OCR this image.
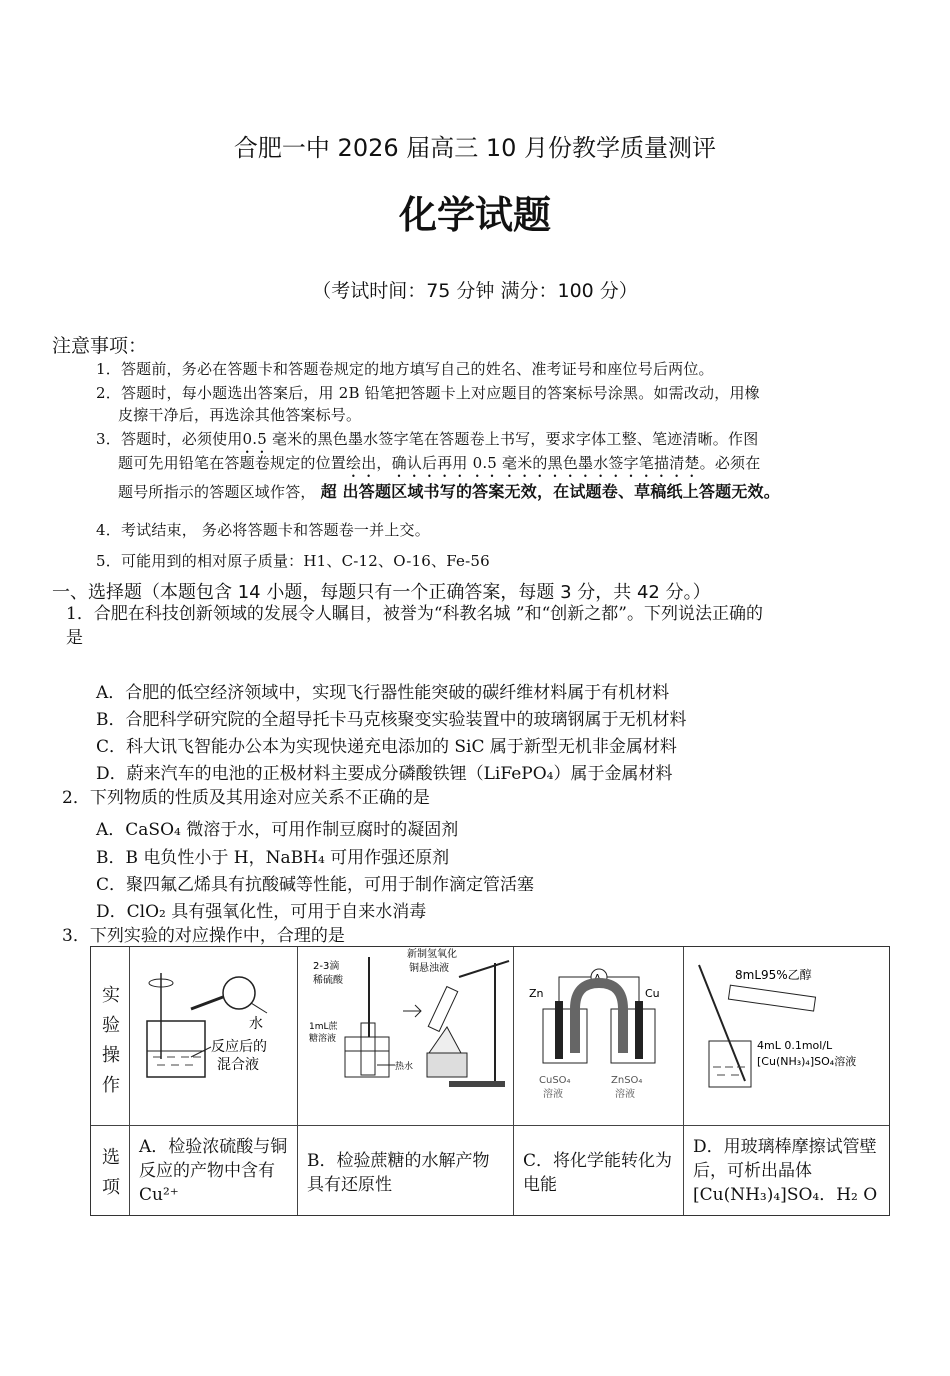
合肥一中 2026 届高三 10 月份教学质量测评
化学试题
（考试时间：75 分钟 满分：100 分）
注意事项：
1．答题前，务必在答题卡和答题卷规定的地方填写自己的姓名、准考证号和座位号后两位。
2．答题时，每小题选出答案后，用 2B 铅笔把答题卡上对应题目的答案标号涂黑。如需改动，用橡
皮擦干净后，再选涂其他答案标号。
3．答题时，必须使用0.5 毫米的黑色墨水签字笔在答题卷上书写，要求字体工整、笔迹清晰。作图
题可先用铅笔在答题卷规定的位置绘出，确认后再用 0.5 毫米的黑色墨水签字笔描清楚。必须在
题号所指示的答题区域作答， 超 出答题区域书写的答案无效，在试题卷、草稿纸上答题无效。
4．考试结束， 务必将答题卡和答题卷一并上交。
5．可能用到的相对原子质量：H1、C-12、O-16、Fe-56
一、选择题（本题包含 14 小题，每题只有一个正确答案，每题 3 分，共 42 分。）
1．合肥在科技创新领域的发展令人瞩目，被誉为“科教名城 ”和“创新之都”。下列说法正确的
是
A．合肥的低空经济领域中，实现飞行器性能突破的碳纤维材料属于有机材料
B．合肥科学研究院的全超导托卡马克核聚变实验装置中的玻璃钢属于无机材料
C．科大讯飞智能办公本为实现快递充电添加的 SiC 属于新型无机非金属材料
D．蔚来汽车的电池的正极材料主要成分磷酸铁锂（LiFePO₄）属于金属材料
2．下列物质的性质及其用途对应关系不正确的是
A．CaSO₄ 微溶于水，可用作制豆腐时的凝固剂
B．B 电负性小于 H，NaBH₄ 可用作强还原剂
C．聚四氟乙烯具有抗酸碱等性能，可用于制作滴定管活塞
D．ClO₂ 具有强氧化性，可用于自来水消毒
3．下列实验的对应操作中，合理的是
实验操作
选项
水
反应后的
混合液
2-3滴
稀硫酸
新制氢氧化
铜悬浊液
1mL蔗
糖溶液
热水
A
Zn	Cu
CuSO₄
溶液
ZnSO₄
溶液
8mL95%乙醇
4mL 0.1mol/L
[Cu(NH₃)₄]SO₄溶液
A．检验浓硫酸与铜反应的产物中含有 Cu²⁺
B．检验蔗糖的水解产物具有还原性
C．将化学能转化为电能
D．用玻璃棒摩擦试管壁后，可析出晶体 [Cu(NH₃)₄]SO₄．H₂ O
